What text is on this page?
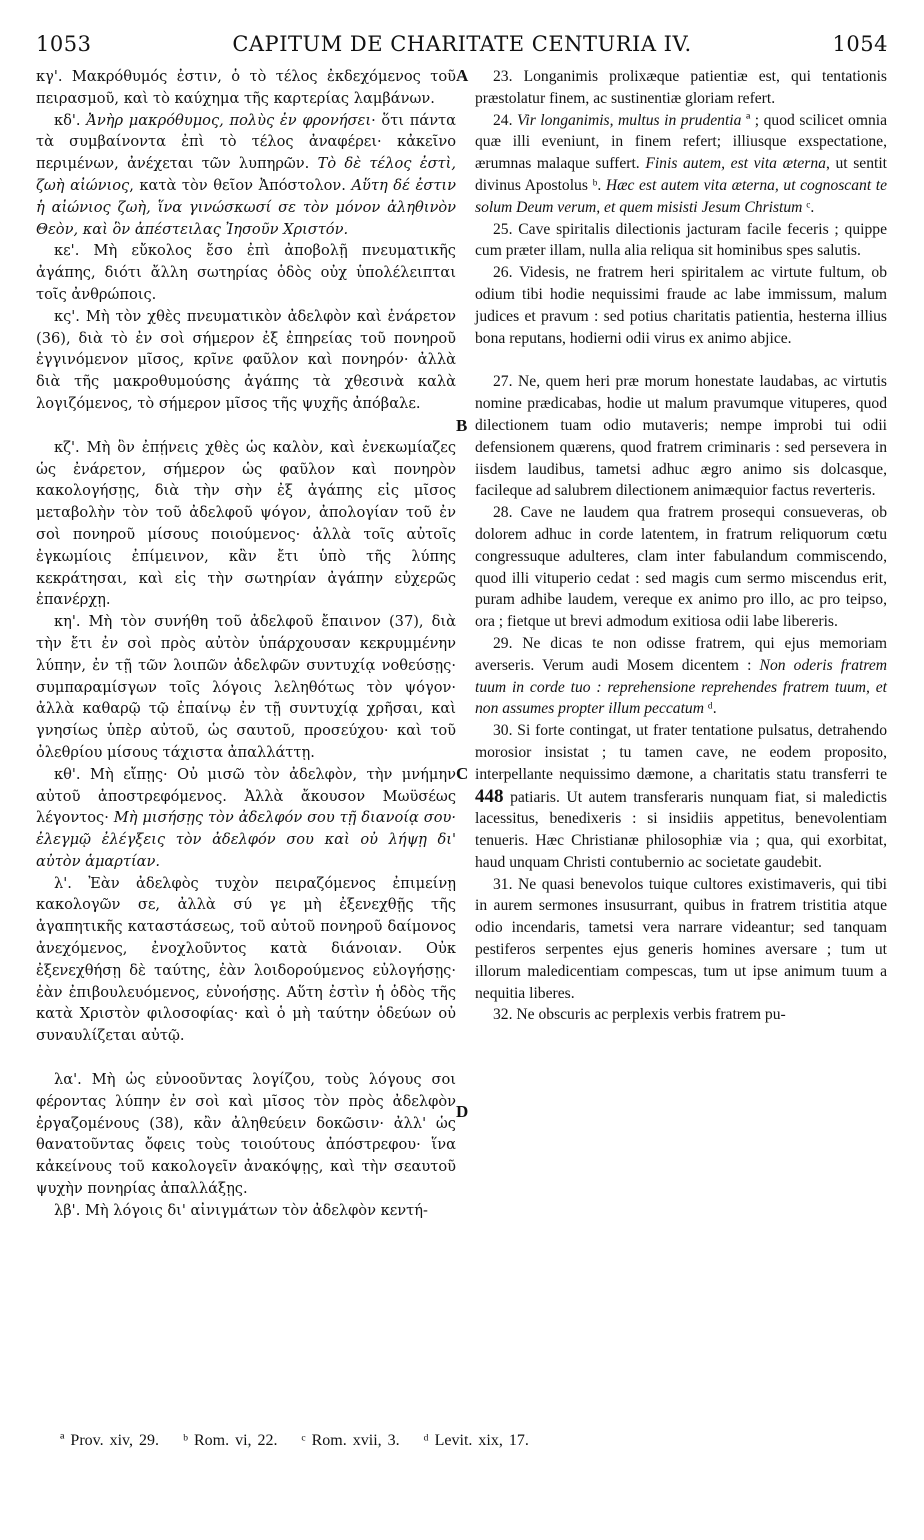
1053	CAPITUM DE CHARITATE CENTURIA IV.	1054
A
B
C
D

κγ'. Μακρόθυμός ἐστιν, ὁ τὸ τέλος ἐκδεχόμενος τοῦ πειρασμοῦ, καὶ τὸ καύχημα τῆς καρτερίας λαμβάνων.

κδ'. Ἀνὴρ μακρόθυμος, πολὺς ἐν φρονήσει· ὅτι πάντα τὰ συμβαίνοντα ἐπὶ τὸ τέλος ἀναφέρει· κἀκεῖνο περιμένων, ἀνέχεται τῶν λυπηρῶν. Τὸ δὲ τέλος ἐστὶ, ζωὴ αἰώνιος, κατὰ τὸν θεῖον Ἀπόστολον. Αὕτη δέ ἐστιν ἡ αἰώνιος ζωὴ, ἵνα γινώσκωσί σε τὸν μόνον ἀληθινὸν Θεὸν, καὶ ὃν ἀπέστειλας Ἰησοῦν Χριστόν.

κε'. Μὴ εὔκολος ἔσο ἐπὶ ἀποβολῇ πνευματικῆς ἀγάπης, διότι ἄλλη σωτηρίας ὁδὸς οὐχ ὑπολέλειπται τοῖς ἀνθρώποις.

κς'. Μὴ τὸν χθὲς πνευματικὸν ἀδελφὸν καὶ ἐνάρετον (36), διὰ τὸ ἐν σοὶ σήμερον ἐξ ἐπηρείας τοῦ πονηροῦ ἐγγινόμενον μῖσος, κρῖνε φαῦλον καὶ πονηρόν· ἀλλὰ διὰ τῆς μακροθυμούσης ἀγάπης τὰ χθεσινὰ καλὰ λογιζόμενος, τὸ σήμερον μῖσος τῆς ψυχῆς ἀπόβαλε.

κζ'. Μὴ ὃν ἐπῄνεις χθὲς ὡς καλὸν, καὶ ἐνεκωμίαζες ὡς ἐνάρετον, σήμερον ὡς φαῦλον καὶ πονηρὸν κακολογήσῃς, διὰ τὴν σὴν ἐξ ἀγάπης εἰς μῖσος μεταβολὴν τὸν τοῦ ἀδελφοῦ ψόγον, ἀπολογίαν τοῦ ἐν σοὶ πονηροῦ μίσους ποιούμενος· ἀλλὰ τοῖς αὐτοῖς ἐγκωμίοις ἐπίμεινον, κἂν ἔτι ὑπὸ τῆς λύπης κεκράτησαι, καὶ εἰς τὴν σωτηρίαν ἀγάπην εὐχερῶς ἐπανέρχῃ.

κη'. Μὴ τὸν συνήθη τοῦ ἀδελφοῦ ἔπαινον (37), διὰ τὴν ἔτι ἐν σοὶ πρὸς αὐτὸν ὑπάρχουσαν κεκρυμμένην λύπην, ἐν τῇ τῶν λοιπῶν ἀδελφῶν συντυχίᾳ νοθεύσῃς· συμπαραμίσγων τοῖς λόγοις λεληθότως τὸν ψόγον· ἀλλὰ καθαρῷ τῷ ἐπαίνῳ ἐν τῇ συντυχίᾳ χρῆσαι, καὶ γνησίως ὑπὲρ αὐτοῦ, ὡς σαυτοῦ, προσεύχου· καὶ τοῦ ὀλεθρίου μίσους τάχιστα ἀπαλλάττῃ.

κθ'. Μὴ εἴπῃς· Οὐ μισῶ τὸν ἀδελφὸν, τὴν μνήμην αὐτοῦ ἀποστρεφόμενος. Ἀλλὰ ἄκουσον Μωϋσέως λέγοντος· Μὴ μισήσῃς τὸν ἀδελφόν σου τῇ διανοίᾳ σου· ἐλεγμῷ ἐλέγξεις τὸν ἀδελφόν σου καὶ οὐ λήψῃ δι' αὐτὸν ἁμαρτίαν.

λ'. Ἐὰν ἀδελφὸς τυχὸν πειραζόμενος ἐπιμείνῃ κακολογῶν σε, ἀλλὰ σύ γε μὴ ἐξενεχθῇς τῆς ἀγαπητικῆς καταστάσεως, τοῦ αὐτοῦ πονηροῦ δαίμονος ἀνεχόμενος, ἐνοχλοῦντος κατὰ διάνοιαν. Οὐκ ἐξενεχθήσῃ δὲ ταύτης, ἐὰν λοιδορούμενος εὐλογήσῃς· ἐὰν ἐπιβουλευόμενος, εὐνοήσῃς. Αὕτη ἐστὶν ἡ ὁδὸς τῆς κατὰ Χριστὸν φιλοσοφίας· καὶ ὁ μὴ ταύτην ὁδεύων οὐ συναυλίζεται αὐτῷ.

λα'. Μὴ ὡς εὐνοοῦντας λογίζου, τοὺς λόγους σοι φέροντας λύπην ἐν σοὶ καὶ μῖσος τὸν πρὸς ἀδελφὸν ἐργαζομένους (38), κἂν ἀληθεύειν δοκῶσιν· ἀλλ' ὡς θανατοῦντας ὄφεις τοὺς τοιούτους ἀπόστρεφου· ἵνα κἀκείνους τοῦ κακολογεῖν ἀνακόψῃς, καὶ τὴν σεαυτοῦ ψυχὴν πονηρίας ἀπαλλάξῃς.

λβ'. Μὴ λόγοις δι' αἰνιγμάτων τὸν ἀδελφὸν κεντή-

23. Longanimis prolixæque patientiæ est, qui tentationis præstolatur finem, ac sustinentiæ gloriam refert.

24. Vir longanimis, multus in prudentia ª ; quod scilicet omnia quæ illi eveniunt, in finem refert; illiusque exspectatione, ærumnas malaque suffert. Finis autem, est vita æterna, ut sentit divinus Apostolus ᵇ. Hæc est autem vita æterna, ut cognoscant te solum Deum verum, et quem misisti Jesum Christum ᶜ.

25. Cave spiritalis dilectionis jacturam facile feceris ; quippe cum præter illam, nulla alia reliqua sit hominibus spes salutis.

26. Videsis, ne fratrem heri spiritalem ac virtute fultum, ob odium tibi hodie nequissimi fraude ac labe immissum, malum judices et pravum : sed potius charitatis patientia, hesterna illius bona reputans, hodierni odii virus ex animo abjice.

27. Ne, quem heri præ morum honestate laudabas, ac virtutis nomine prædicabas, hodie ut malum pravumque vituperes, quod dilectionem tuam odio mutaveris; nempe improbi tui odii defensionem quærens, quod fratrem criminaris : sed persevera in iisdem laudibus, tametsi adhuc ægro animo sis dolcasque, facileque ad salubrem dilectionem animæquior factus reverteris.

28. Cave ne laudem qua fratrem prosequi consueveras, ob dolorem adhuc in corde latentem, in fratrum reliquorum cœtu congressuque adulteres, clam inter fabulandum commiscendo, quod illi vituperio cedat : sed magis cum sermo miscendus erit, puram adhibe laudem, vereque ex animo pro illo, ac pro teipso, ora ; fietque ut brevi admodum exitiosa odii labe libereris.

29. Ne dicas te non odisse fratrem, qui ejus memoriam averseris. Verum audi Mosem dicentem : Non oderis fratrem tuum in corde tuo : reprehensione reprehendes fratrem tuum, et non assumes propter illum peccatum ᵈ.

30. Si forte contingat, ut frater tentatione pulsatus, detrahendo morosior insistat ; tu tamen cave, ne eodem proposito, interpellante nequissimo dæmone, a charitatis statu transferri te 448 patiaris. Ut autem transferaris nunquam fiat, si maledictis lacessitus, benedixeris : si insidiis appetitus, benevolentiam tenueris. Hæc Christianæ philosophiæ via ; qua, qui exorbitat, haud unquam Christi contubernio ac societate gaudebit.

31. Ne quasi benevolos tuique cultores existimaveris, qui tibi in aurem sermones insusurrant, quibus in fratrem tristitia atque odio incendaris, tametsi vera narrare videantur; sed tanquam pestiferos serpentes ejus generis homines aversare ; tum ut illorum maledicentiam compescas, tum ut ipse animum tuum a nequitia liberes.

32. Ne obscuris ac perplexis verbis fratrem pu-

ª Prov. xiv, 29. ᵇ Rom. vi, 22. ᶜ Rom. xvii, 3. ᵈ Levit. xix, 17.
